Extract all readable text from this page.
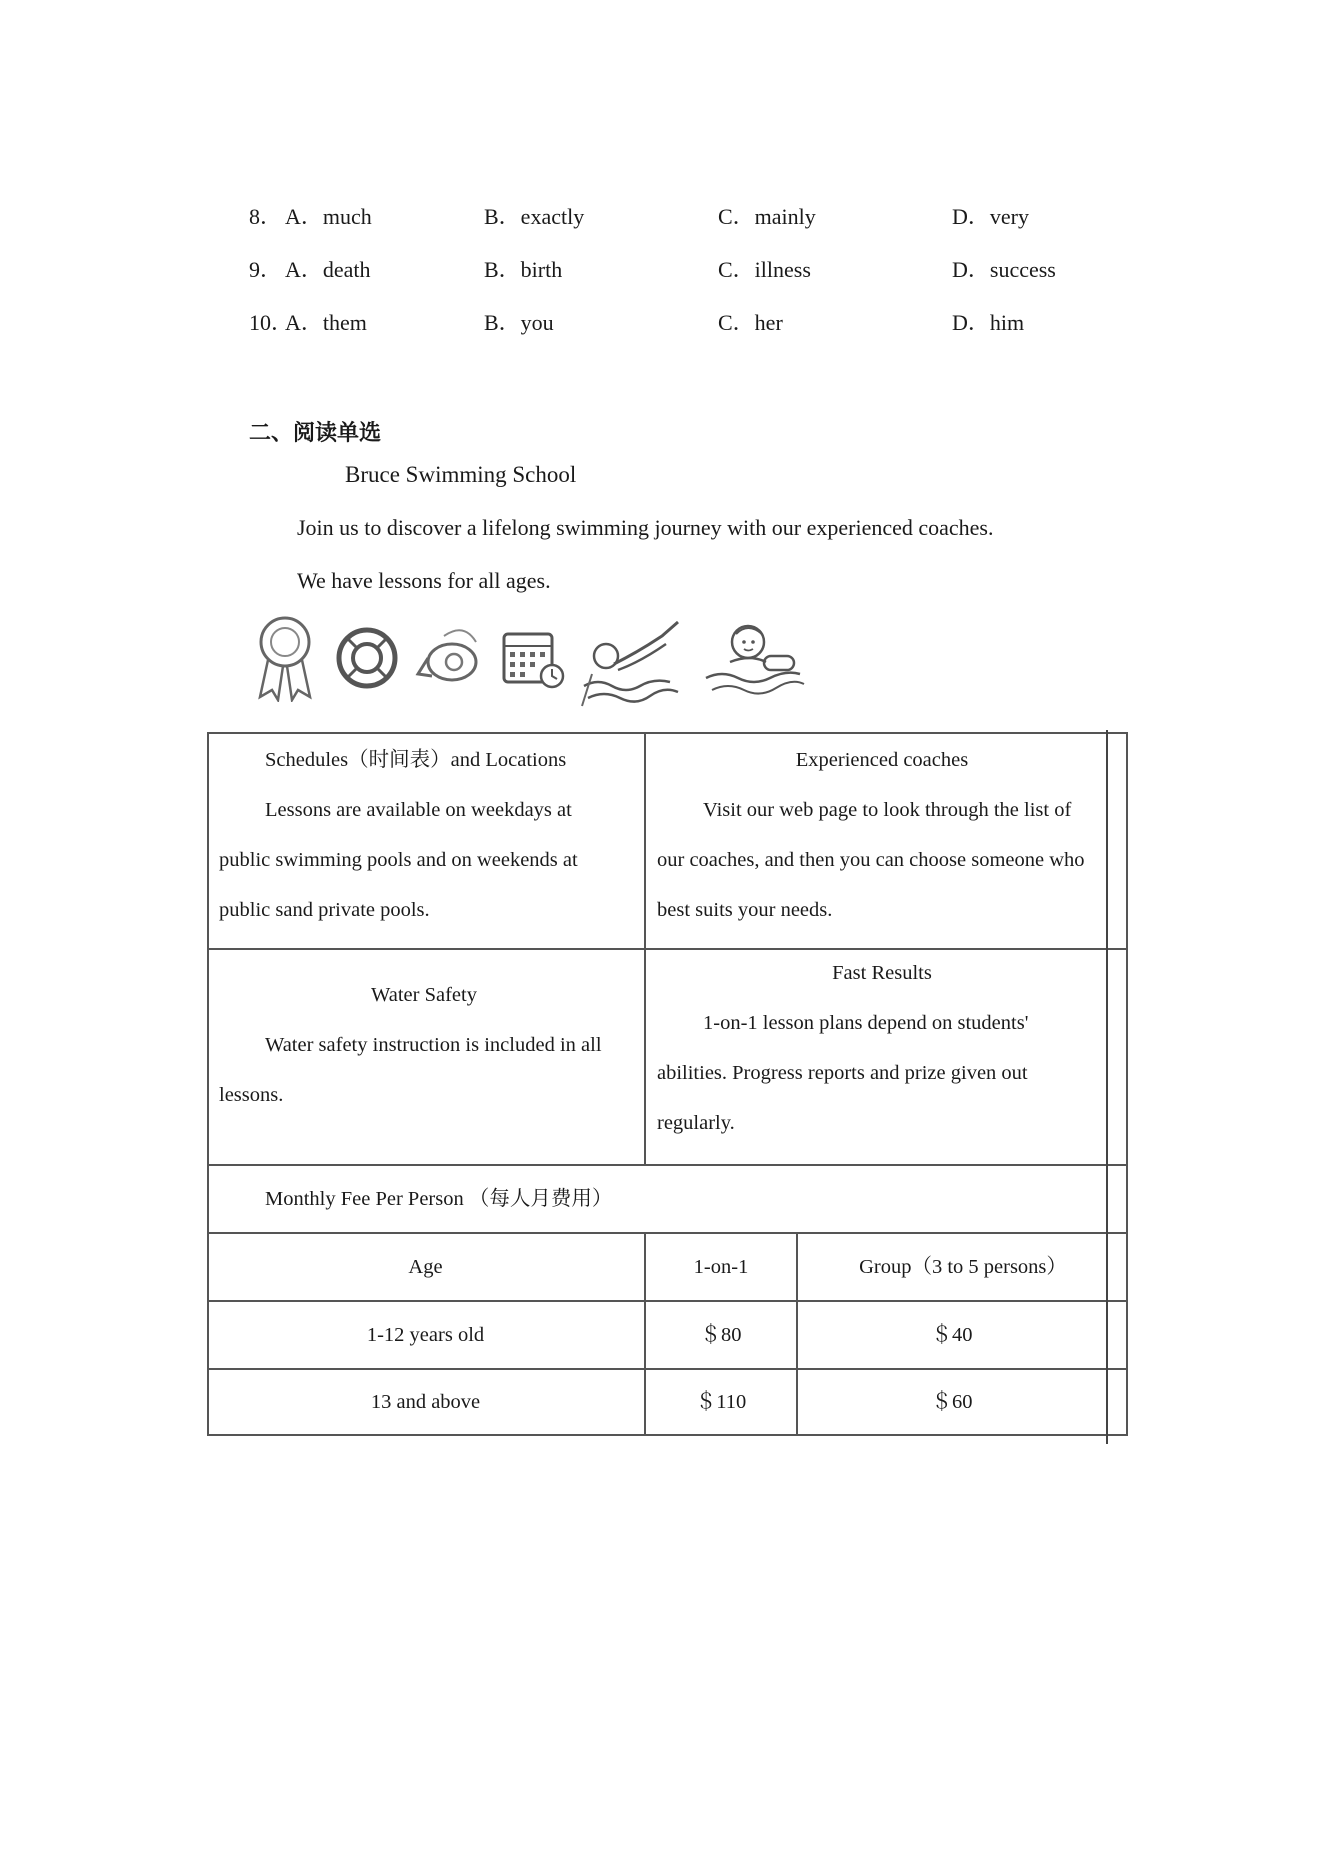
8． A．much	B．exactly	C．mainly	D．very
9． A．death	B．birth	C．illness	D．success
10．
A．them	B．you	C．her	D．him
二、阅读单选
Bruce Swimming School
Join us to discover a lifelong swimming journey with our experienced coaches.
We have lessons for all ages.
Schedules（时间表）and Locations
Lessons are available on weekdays at
public swimming pools and on weekends at
public sand private pools.
Experienced coaches
Visit our web page to look through the list of
our coaches, and then you can choose someone who
best suits your needs.
Water Safety
Water safety instruction is included in all
lessons.
Fast Results
1-on-1 lesson plans depend on students'
abilities. Progress reports and prize given out
regularly.
Monthly Fee Per Person （每人月费用）
Age	1-on-1	Group（3 to 5 persons）
1-12 years old	＄80	＄40
13 and above	＄110	＄60
